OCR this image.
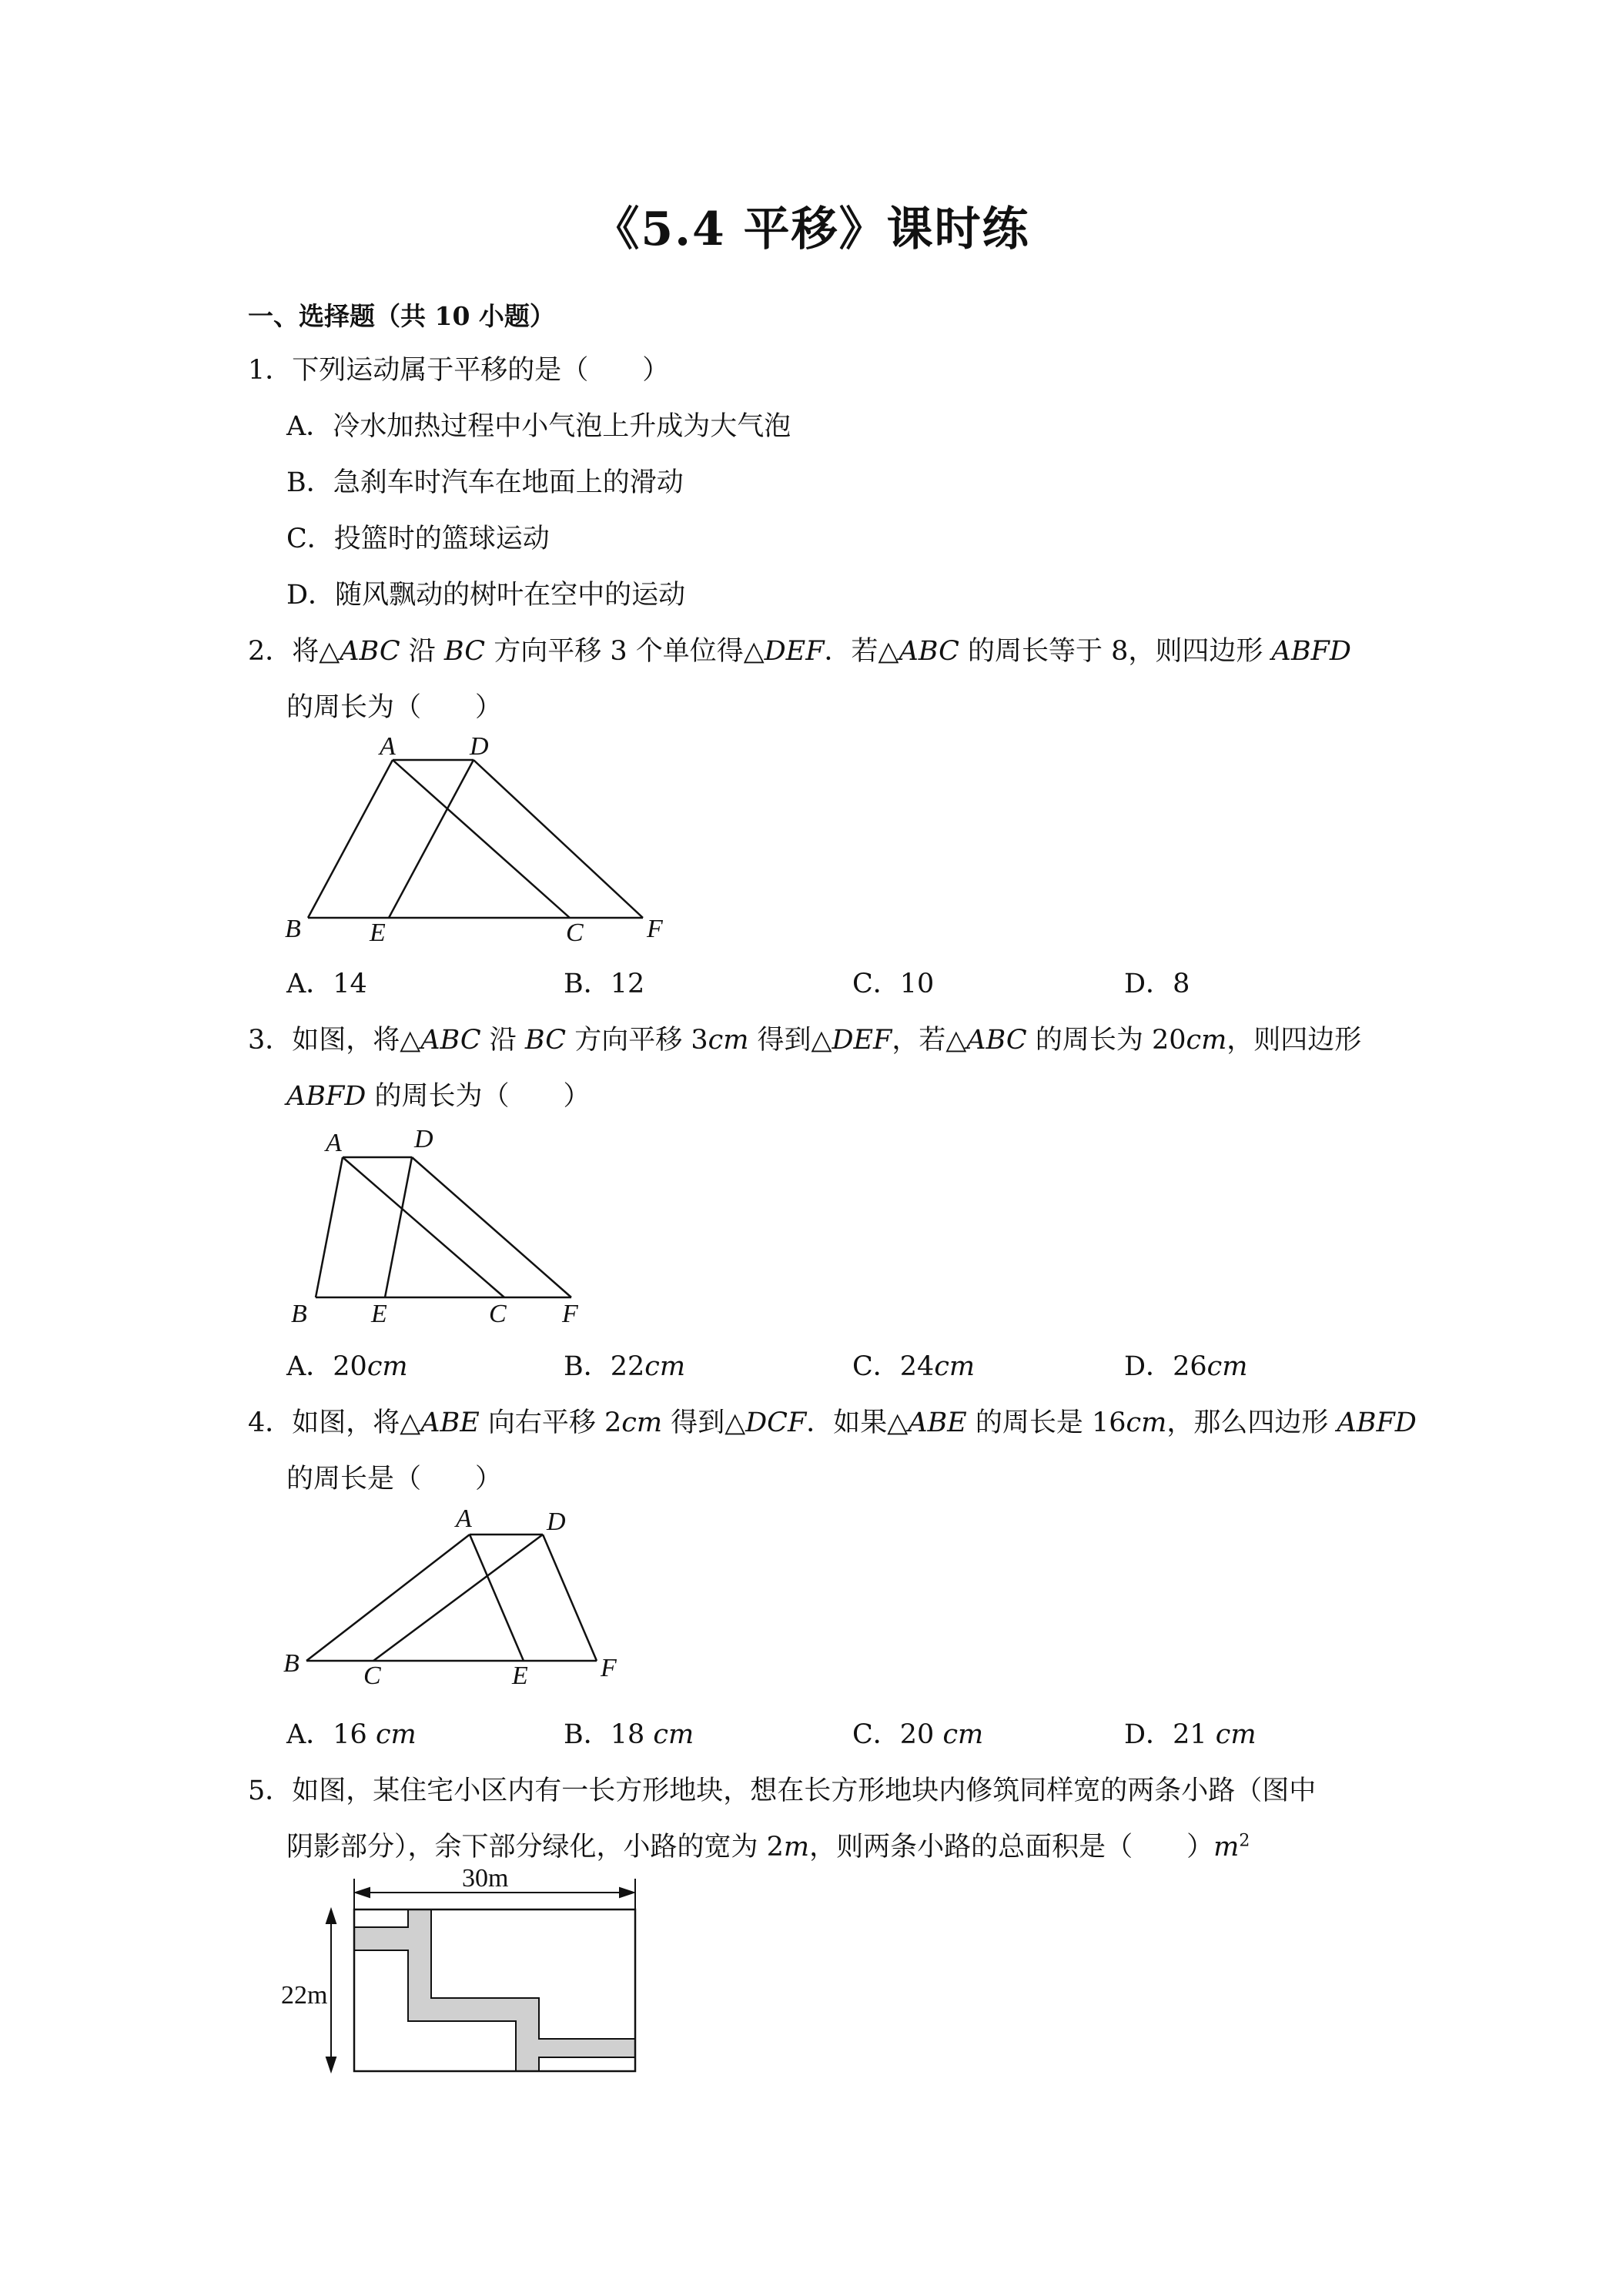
《5.4 平移》课时练
一、选择题（共 10 小题）
1．下列运动属于平移的是（　　）
A．冷水加热过程中小气泡上升成为大气泡
B．急刹车时汽车在地面上的滑动
C．投篮时的篮球运动
D．随风飘动的树叶在空中的运动
2．将△ABC 沿 BC 方向平移 3 个单位得△DEF．若△ABC 的周长等于 8，则四边形 ABFD
的周长为（　　）
A	D
B	E	C F
A．14	B．12	C．10	D．8
3．如图，将△ABC 沿 BC 方向平移 3cm 得到△DEF，若△ABC 的周长为 20cm，则四边形
ABFD 的周长为（　　）
A	D
B E	C F
A．20cm	B．22cm	C．24cm	D．26cm
4．如图，将△ABE 向右平移 2cm 得到△DCF．如果△ABE 的周长是 16cm，那么四边形 ABFD
的周长是（　　）
A	D
B C	E	F
A．16 cm	B．18 cm	C．20 cm	D．21 cm
5．如图，某住宅小区内有一长方形地块，想在长方形地块内修筑同样宽的两条小路（图中
阴影部分），余下部分绿化，小路的宽为 2m，则两条小路的总面积是（　　）$m^2$
30m
22m
